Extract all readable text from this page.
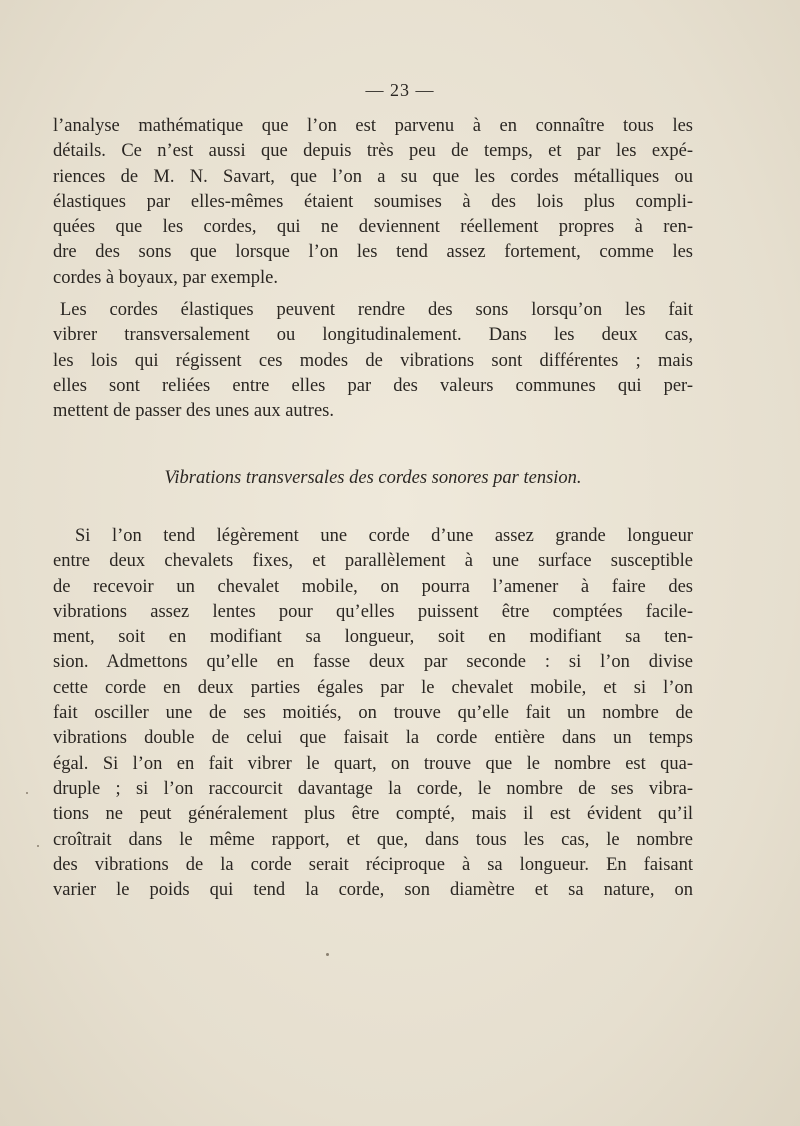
— 23 —
l’analyse mathématique que l’on est parvenu à en connaître tous les
détails. Ce n’est aussi que depuis très peu de temps, et par les expé-
riences de M. N. Savart, que l’on a su que les cordes métalliques ou
élastiques par elles-mêmes étaient soumises à des lois plus compli-
quées que les cordes, qui ne deviennent réellement propres à ren-
dre des sons que lorsque l’on les tend assez fortement, comme les
cordes à boyaux, par exemple.
Les cordes élastiques peuvent rendre des sons lorsqu’on les fait
vibrer transversalement ou longitudinalement. Dans les deux cas,
les lois qui régissent ces modes de vibrations sont différentes ; mais
elles sont reliées entre elles par des valeurs communes qui per-
mettent de passer des unes aux autres.
Vibrations transversales des cordes sonores par tension.
Si l’on tend légèrement une corde d’une assez grande longueur
entre deux chevalets fixes, et parallèlement à une surface susceptible
de recevoir un chevalet mobile, on pourra l’amener à faire des
vibrations assez lentes pour qu’elles puissent être comptées facile-
ment, soit en modifiant sa longueur, soit en modifiant sa ten-
sion. Admettons qu’elle en fasse deux par seconde : si l’on divise
cette corde en deux parties égales par le chevalet mobile, et si l’on
fait osciller une de ses moitiés, on trouve qu’elle fait un nombre de
vibrations double de celui que faisait la corde entière dans un temps
égal. Si l’on en fait vibrer le quart, on trouve que le nombre est qua-
druple ; si l’on raccourcit davantage la corde, le nombre de ses vibra-
tions ne peut généralement plus être compté, mais il est évident qu’il
croîtrait dans le même rapport, et que, dans tous les cas, le nombre
des vibrations de la corde serait réciproque à sa longueur. En faisant
varier le poids qui tend la corde, son diamètre et sa nature, on
